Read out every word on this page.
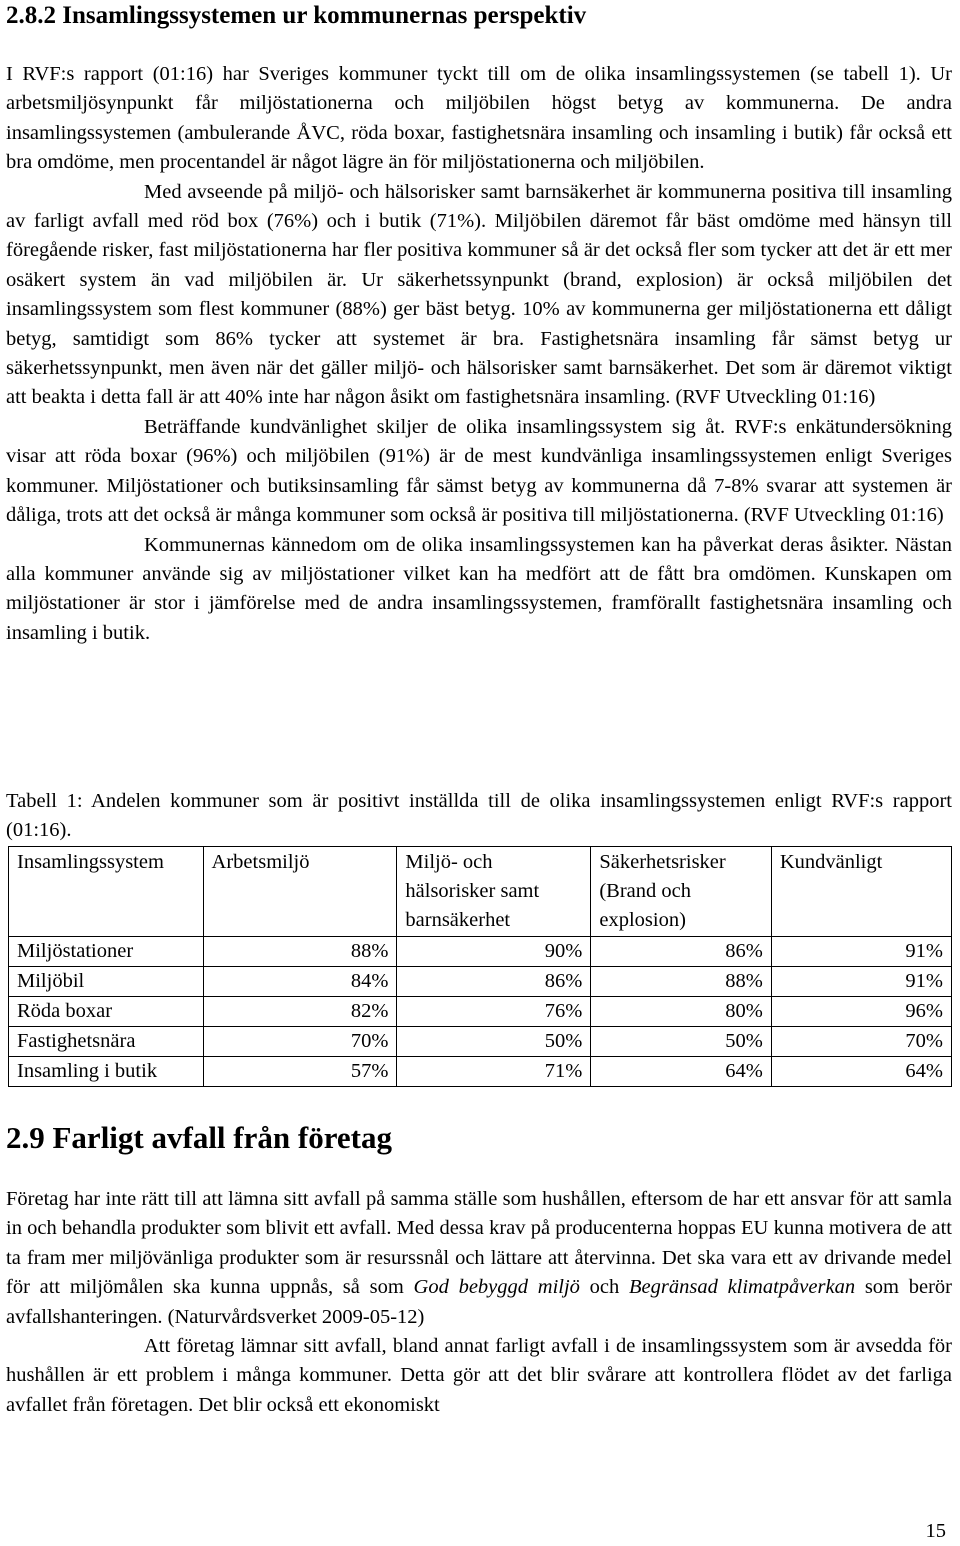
2.8.2 Insamlingssystemen ur kommunernas perspektiv

I RVF:s rapport (01:16) har Sveriges kommuner tyckt till om de olika insamlingssystemen (se tabell 1). Ur arbetsmiljösynpunkt får miljöstationerna och miljöbilen högst betyg av kommunerna. De andra insamlingssystemen (ambulerande ÅVC, röda boxar, fastighetsnära insamling och insamling i butik) får också ett bra omdöme, men procentandel är något lägre än för miljöstationerna och miljöbilen.

Med avseende på miljö- och hälsorisker samt barnsäkerhet är kommunerna positiva till insamling av farligt avfall med röd box (76%) och i butik (71%). Miljöbilen däremot får bäst omdöme med hänsyn till föregående risker, fast miljöstationerna har fler positiva kommuner så är det också fler som tycker att det är ett mer osäkert system än vad miljöbilen är. Ur säkerhetssynpunkt (brand, explosion) är också miljöbilen det insamlingssystem som flest kommuner (88%) ger bäst betyg. 10% av kommunerna ger miljöstationerna ett dåligt betyg, samtidigt som 86% tycker att systemet är bra. Fastighetsnära insamling får sämst betyg ur säkerhetssynpunkt, men även när det gäller miljö- och hälsorisker samt barnsäkerhet. Det som är däremot viktigt att beakta i detta fall är att 40% inte har någon åsikt om fastighetsnära insamling. (RVF Utveckling 01:16)

Beträffande kundvänlighet skiljer de olika insamlingssystem sig åt. RVF:s enkätundersökning visar att röda boxar (96%) och miljöbilen (91%) är de mest kundvänliga insamlingssystemen enligt Sveriges kommuner. Miljöstationer och butiksinsamling får sämst betyg av kommunerna då 7-8% svarar att systemen är dåliga, trots att det också är många kommuner som också är positiva till miljöstationerna. (RVF Utveckling 01:16)

Kommunernas kännedom om de olika insamlingssystemen kan ha påverkat deras åsikter. Nästan alla kommuner använde sig av miljöstationer vilket kan ha medfört att de fått bra omdömen. Kunskapen om miljöstationer är stor i jämförelse med de andra insamlingssystemen, framförallt fastighetsnära insamling och insamling i butik.

Tabell 1: Andelen kommuner som är positivt inställda till de olika insamlingssystemen enligt RVF:s rapport (01:16).

Insamlingssystem	Arbetsmiljö	Miljö- och hälsorisker samt barnsäkerhet	Säkerhetsrisker (Brand och explosion)	Kundvänligt
Miljöstationer	88%	90%	86%	91%
Miljöbil	84%	86%	88%	91%
Röda boxar	82%	76%	80%	96%
Fastighetsnära	70%	50%	50%	70%
Insamling i butik	57%	71%	64%	64%
2.9 Farligt avfall från företag

Företag har inte rätt till att lämna sitt avfall på samma ställe som hushållen, eftersom de har ett ansvar för att samla in och behandla produkter som blivit ett avfall. Med dessa krav på producenterna hoppas EU kunna motivera de att ta fram mer miljövänliga produkter som är resurssnål och lättare att återvinna. Det ska vara ett av drivande medel för att miljömålen ska kunna uppnås, så som God bebyggd miljö och Begränsad klimatpåverkan som berör avfallshanteringen. (Naturvårdsverket 2009-05-12)

Att företag lämnar sitt avfall, bland annat farligt avfall i de insamlingssystem som är avsedda för hushållen är ett problem i många kommuner. Detta gör att det blir svårare att kontrollera flödet av det farliga avfallet från företagen. Det blir också ett ekonomiskt

15
